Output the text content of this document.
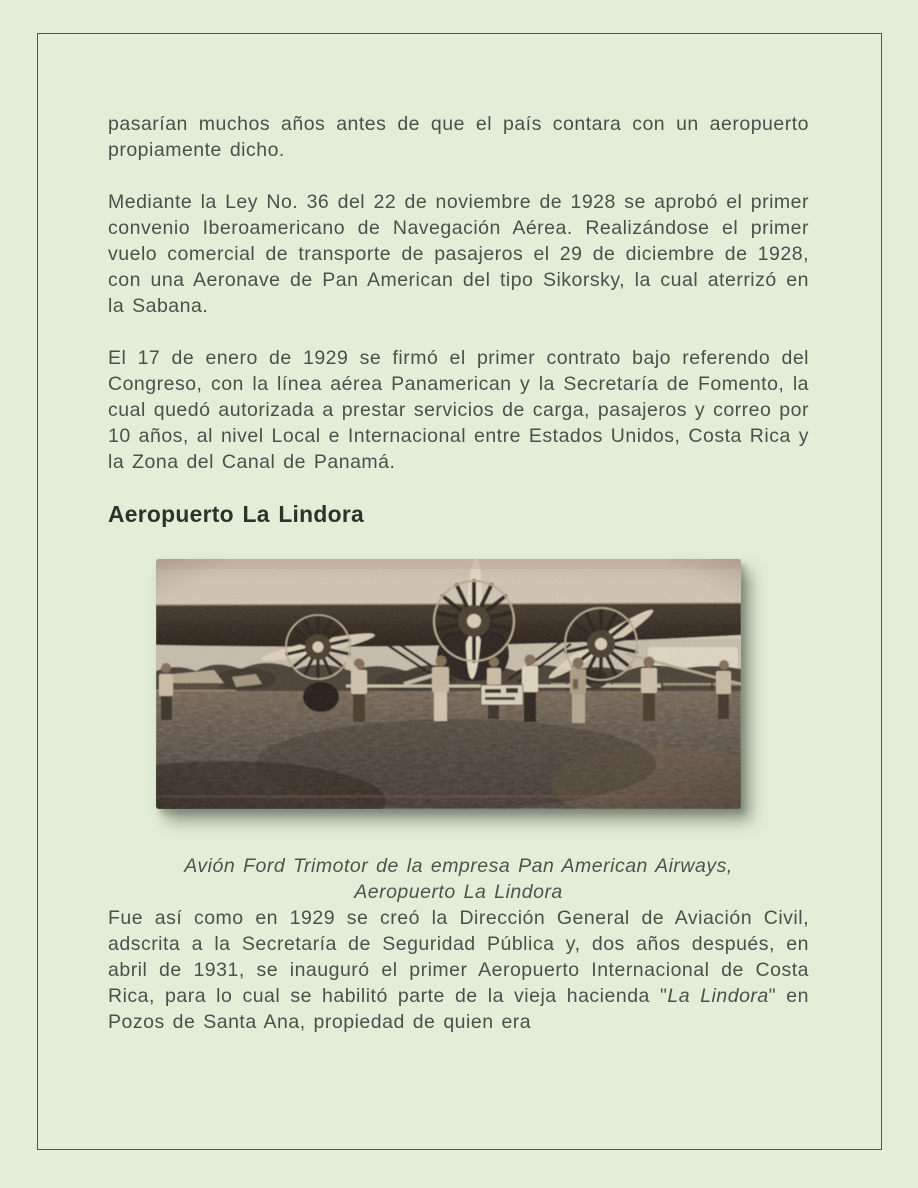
pasarían muchos años antes de que el país contara con un aeropuerto propiamente dicho.

Mediante la Ley No. 36 del 22 de noviembre de 1928 se aprobó el primer convenio Iberoamericano de Navegación Aérea. Realizándose el primer vuelo comercial de transporte de pasajeros el 29 de diciembre de 1928, con una Aeronave de Pan American del tipo Sikorsky, la cual aterrizó en la Sabana.

El 17 de enero de 1929 se firmó el primer contrato bajo referendo del Congreso, con la línea aérea Panamerican y la Secretaría de Fomento, la cual quedó autorizada a prestar servicios de carga, pasajeros y correo por 10 años, al nivel Local e Internacional entre Estados Unidos, Costa Rica y la Zona del Canal de Panamá.

Aeropuerto La Lindora
Avión Ford Trimotor de la empresa Pan American Airways,
Aeropuerto La Lindora

Fue así como en 1929 se creó la Dirección General de Aviación Civil, adscrita a la Secretaría de Seguridad Pública y, dos años después, en abril de 1931, se inauguró el primer Aeropuerto Internacional de Costa Rica, para lo cual se habilitó parte de la vieja hacienda "La Lindora" en Pozos de Santa Ana, propiedad de quien era
